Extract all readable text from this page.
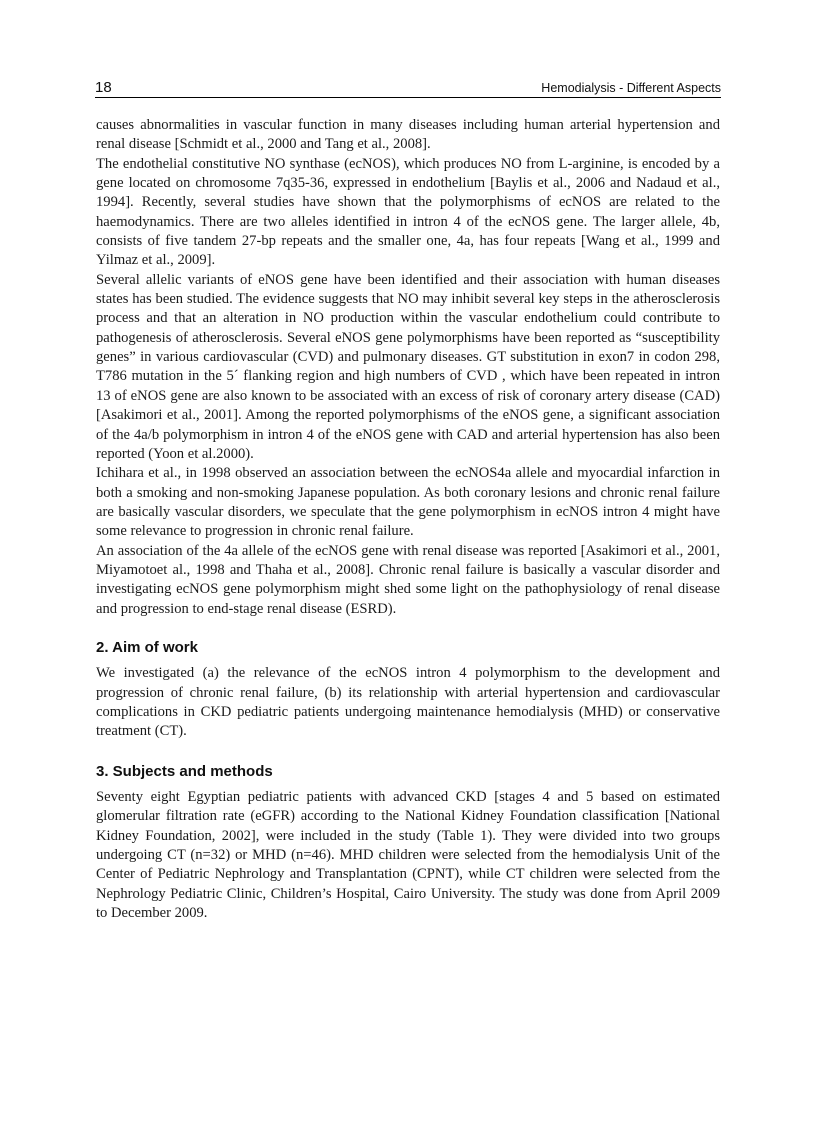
18	Hemodialysis - Different Aspects

causes abnormalities in vascular function in many diseases including human arterial hypertension and renal disease [Schmidt et al., 2000 and Tang et al., 2008].

The endothelial constitutive NO synthase (ecNOS), which produces NO from L-arginine, is encoded by a gene located on chromosome 7q35-36, expressed in endothelium [Baylis et al., 2006 and Nadaud et al., 1994]. Recently, several studies have shown that the polymorphisms of ecNOS are related to the haemodynamics. There are two alleles identified in intron 4 of the ecNOS gene. The larger allele, 4b, consists of five tandem 27-bp repeats and the smaller one, 4a, has four repeats [Wang et al., 1999 and Yilmaz et al., 2009].

Several allelic variants of eNOS gene have been identified and their association with human diseases states has been studied. The evidence suggests that NO may inhibit several key steps in the atherosclerosis process and that an alteration in NO production within the vascular endothelium could contribute to pathogenesis of atherosclerosis. Several eNOS gene polymorphisms have been reported as “susceptibility genes” in various cardiovascular (CVD) and pulmonary diseases. GT substitution in exon7 in codon 298, T786 mutation in the 5´ flanking region and high numbers of CVD , which have been repeated in intron 13 of eNOS gene are also known to be associated with an excess of risk of coronary artery disease (CAD) [Asakimori et al., 2001]. Among the reported polymorphisms of the eNOS gene, a significant association of the 4a/b polymorphism in intron 4 of the eNOS gene with CAD and arterial hypertension has also been reported (Yoon et al.2000).

Ichihara et al., in 1998 observed an association between the ecNOS4a allele and myocardial infarction in both a smoking and non-smoking Japanese population. As both coronary lesions and chronic renal failure are basically vascular disorders, we speculate that the gene polymorphism in ecNOS intron 4 might have some relevance to progression in chronic renal failure.

An association of the 4a allele of the ecNOS gene with renal disease was reported [Asakimori et al., 2001, Miyamotoet al., 1998 and Thaha et al., 2008]. Chronic renal failure is basically a vascular disorder and investigating ecNOS gene polymorphism might shed some light on the pathophysiology of renal disease and progression to end-stage renal disease (ESRD).

2. Aim of work

We investigated (a) the relevance of the ecNOS intron 4 polymorphism to the development and progression of chronic renal failure, (b) its relationship with arterial hypertension and cardiovascular complications in CKD pediatric patients undergoing maintenance hemodialysis (MHD) or conservative treatment (CT).

3. Subjects and methods

Seventy eight Egyptian pediatric patients with advanced CKD [stages 4 and 5 based on estimated glomerular filtration rate (eGFR) according to the National Kidney Foundation classification [National Kidney Foundation, 2002], were included in the study (Table 1). They were divided into two groups undergoing CT (n=32) or MHD (n=46). MHD children were selected from the hemodialysis Unit of the Center of Pediatric Nephrology and Transplantation (CPNT), while CT children were selected from the Nephrology Pediatric Clinic, Children’s Hospital, Cairo University. The study was done from April 2009 to December 2009.
